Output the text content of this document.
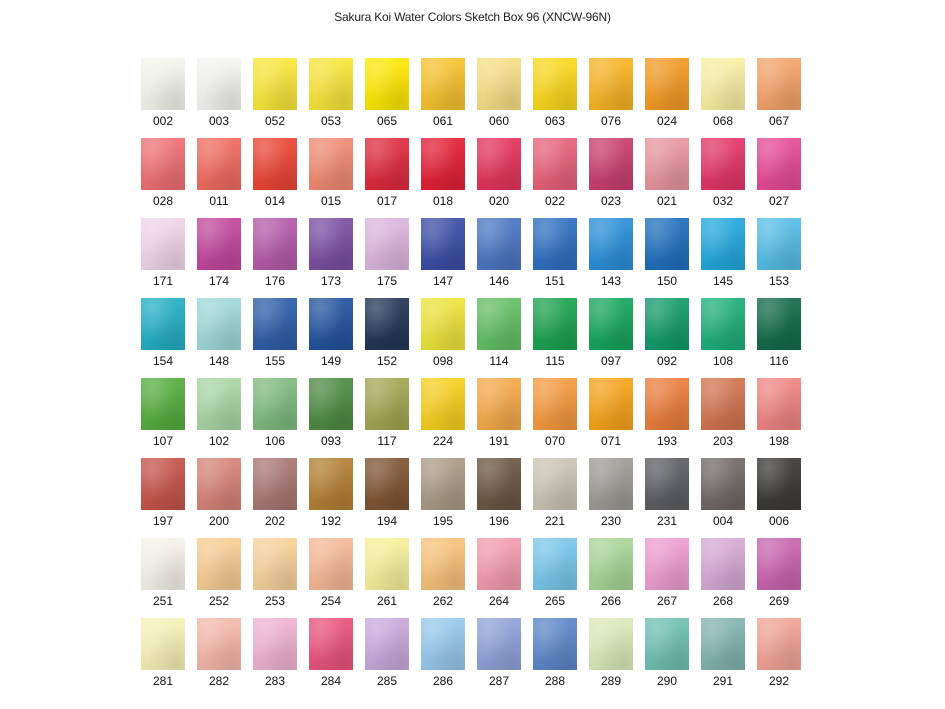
Sakura Koi Water Colors Sketch Box 96 (XNCW-96N)
002	003	052	053	065	061	060	063	076	024	068	067
028	011	014	015	017	018	020	022	023	021	032	027
171	174	176	173	175	147	146	151	143	150	145	153
154	148	155	149	152	098	114	115	097	092	108	116
107	102	106	093	117	224	191	070	071	193	203	198
197	200	202	192	194	195	196	221	230	231	004	006
251	252	253	254	261	262	264	265	266	267	268	269
281	282	283	284	285	286	287	288	289	290	291	292
